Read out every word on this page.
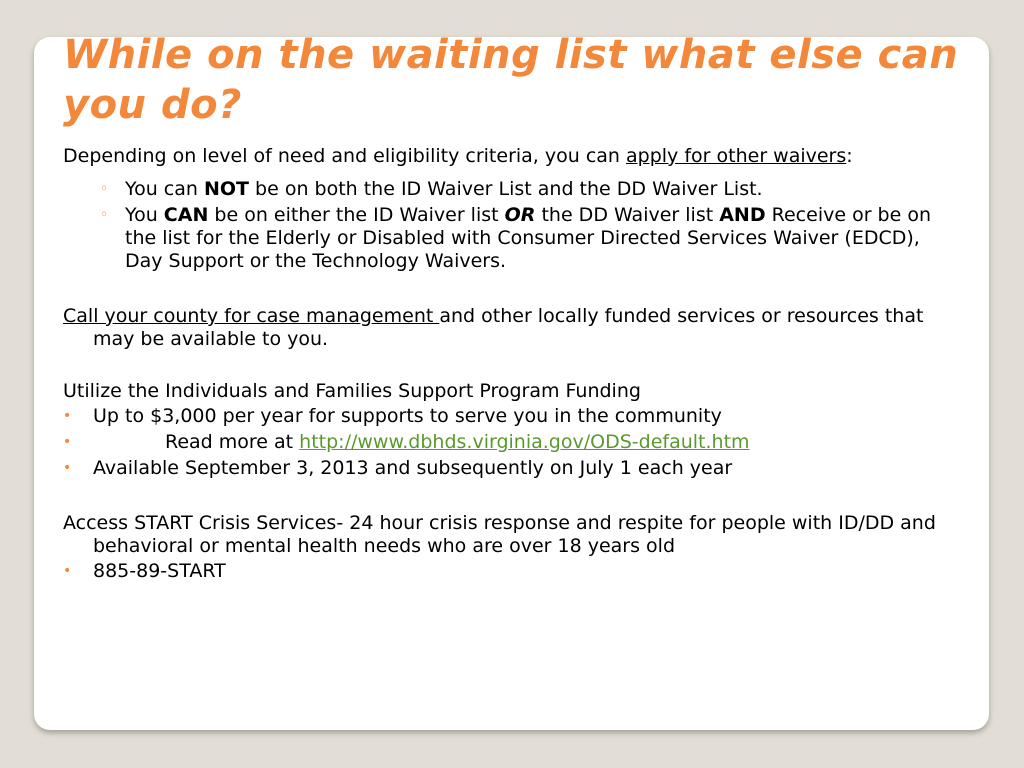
While on the waiting list what else can you do?

Depending on level of need and eligibility criteria, you can apply for other waivers:

◦ You can NOT be on both the ID Waiver List and the DD Waiver List.
◦ You CAN be on either the ID Waiver list OR the DD Waiver list AND Receive or be on the list for the Elderly or Disabled with Consumer Directed Services Waiver (EDCD), Day Support or the Technology Waivers.

Call your county for case management and other locally funded services or resources that may be available to you.

Utilize the Individuals and Families Support Program Funding

• Up to $3,000 per year for supports to serve you in the community
•	Read more at http://www.dbhds.virginia.gov/ODS-default.htm
• Available September 3, 2013 and subsequently on July 1 each year

Access START Crisis Services- 24 hour crisis response and respite for people with ID/DD and behavioral or mental health needs who are over 18 years old

• 885-89-START
